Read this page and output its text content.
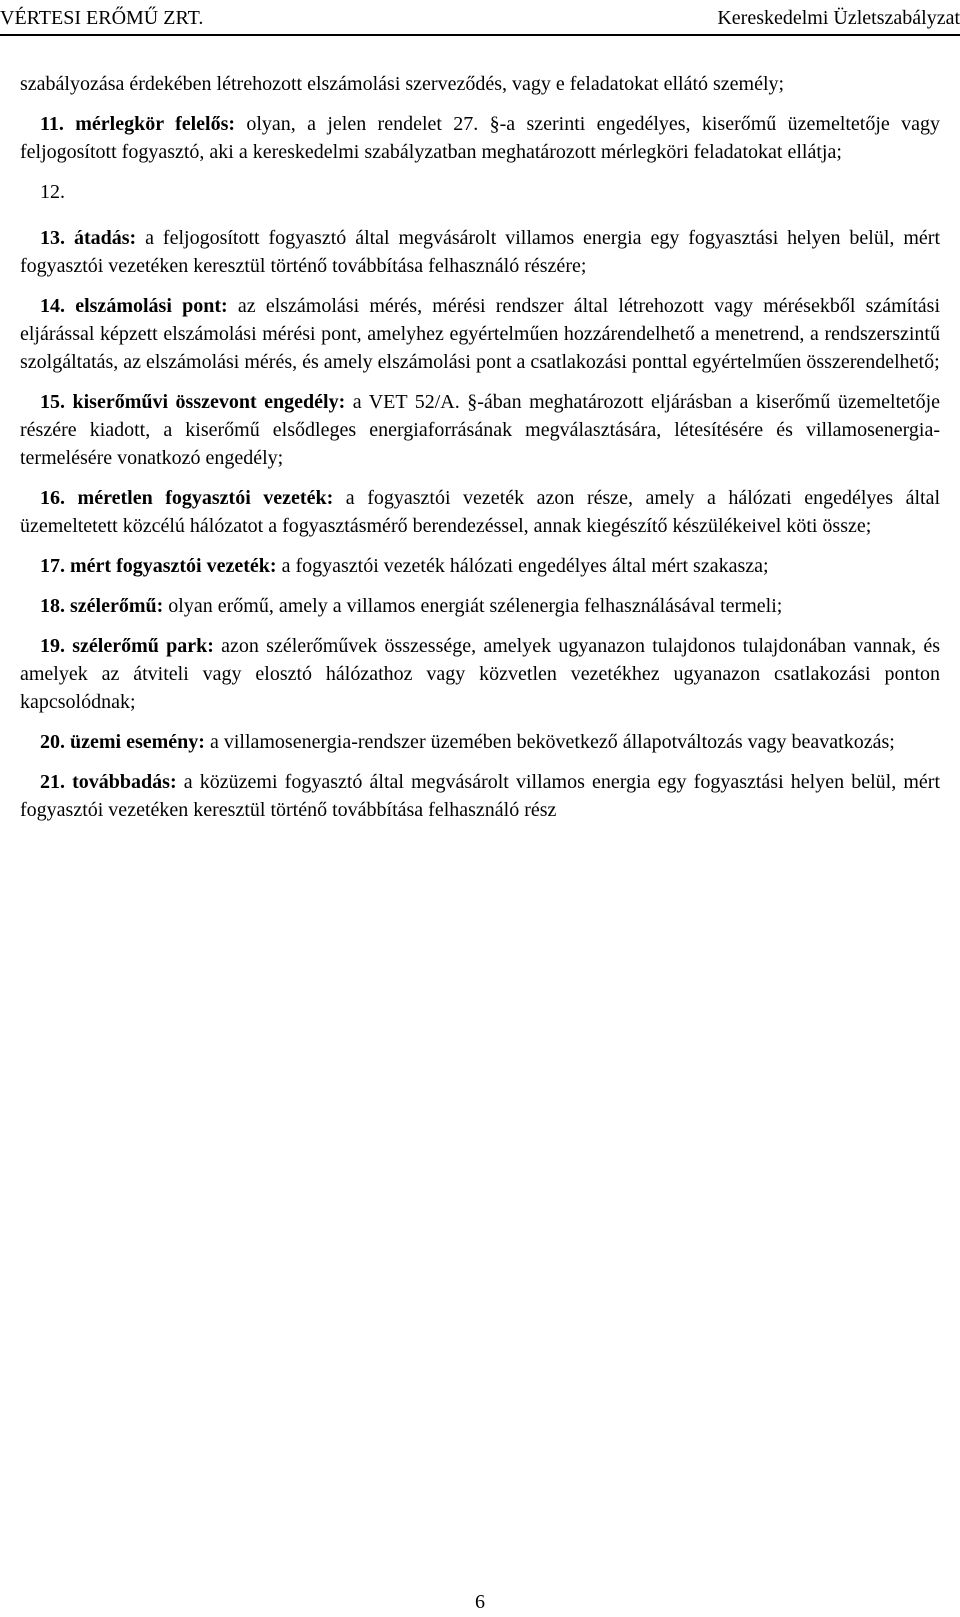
VÉRTESI ERŐMŰ ZRT.	Kereskedelmi Üzletszabályzat

szabályozása érdekében létrehozott elszámolási szerveződés, vagy e feladatokat ellátó személy;

11. mérlegkör felelős: olyan, a jelen rendelet 27. §-a szerinti engedélyes, kiserőmű üzemeltetője vagy feljogosított fogyasztó, aki a kereskedelmi szabályzatban meghatározott mérlegköri feladatokat ellátja;

12.

13. átadás: a feljogosított fogyasztó által megvásárolt villamos energia egy fogyasztási helyen belül, mért fogyasztói vezetéken keresztül történő továbbítása felhasználó részére;

14. elszámolási pont: az elszámolási mérés, mérési rendszer által létrehozott vagy mérésekből számítási eljárással képzett elszámolási mérési pont, amelyhez egyértelműen hozzárendelhető a menetrend, a rendszerszintű szolgáltatás, az elszámolási mérés, és amely elszámolási pont a csatlakozási ponttal egyértelműen összerendelhető;

15. kiserőművi összevont engedély: a VET 52/A. §-ában meghatározott eljárásban a kiserőmű üzemeltetője részére kiadott, a kiserőmű elsődleges energiaforrásának megválasztására, létesítésére és villamosenergia-termelésére vonatkozó engedély;

16. méretlen fogyasztói vezeték: a fogyasztói vezeték azon része, amely a hálózati engedélyes által üzemeltetett közcélú hálózatot a fogyasztásmérő berendezéssel, annak kiegészítő készülékeivel köti össze;

17. mért fogyasztói vezeték: a fogyasztói vezeték hálózati engedélyes által mért szakasza;

18. szélerőmű: olyan erőmű, amely a villamos energiát szélenergia felhasználásával termeli;

19. szélerőmű park: azon szélerőművek összessége, amelyek ugyanazon tulajdonos tulajdonában vannak, és amelyek az átviteli vagy elosztó hálózathoz vagy közvetlen vezetékhez ugyanazon csatlakozási ponton kapcsolódnak;

20. üzemi esemény: a villamosenergia-rendszer üzemében bekövetkező állapotváltozás vagy beavatkozás;

21. továbbadás: a közüzemi fogyasztó által megvásárolt villamos energia egy fogyasztási helyen belül, mért fogyasztói vezetéken keresztül történő továbbítása felhasználó rész

6
